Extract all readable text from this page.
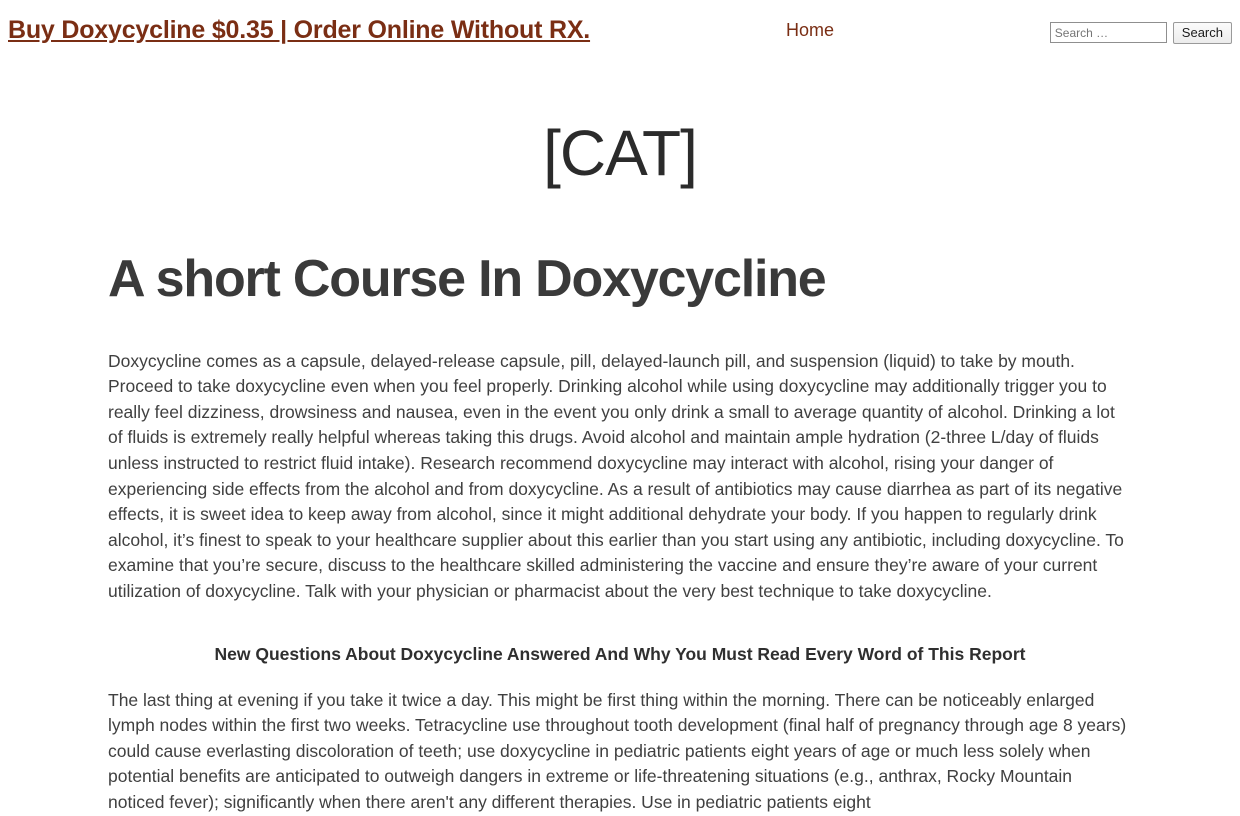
Buy Doxycycline $0.35 | Order Online Without RX.	Home
Search …	Search
[CAT]
A short Course In Doxycycline

Doxycycline comes as a capsule, delayed-release capsule, pill, delayed-launch pill, and suspension (liquid) to take by mouth. Proceed to take doxycycline even when you feel properly. Drinking alcohol while using doxycycline may additionally trigger you to really feel dizziness, drowsiness and nausea, even in the event you only drink a small to average quantity of alcohol. Drinking a lot of fluids is extremely really helpful whereas taking this drugs. Avoid alcohol and maintain ample hydration (2-three L/day of fluids unless instructed to restrict fluid intake). Research recommend doxycycline may interact with alcohol, rising your danger of experiencing side effects from the alcohol and from doxycycline. As a result of antibiotics may cause diarrhea as part of its negative effects, it is sweet idea to keep away from alcohol, since it might additional dehydrate your body. If you happen to regularly drink alcohol, it’s finest to speak to your healthcare supplier about this earlier than you start using any antibiotic, including doxycycline. To examine that you’re secure, discuss to the healthcare skilled administering the vaccine and ensure they’re aware of your current utilization of doxycycline. Talk with your physician or pharmacist about the very best technique to take doxycycline.

New Questions About Doxycycline Answered And Why You Must Read Every Word of This Report

The last thing at evening if you take it twice a day. This might be first thing within the morning. There can be noticeably enlarged lymph nodes within the first two weeks. Tetracycline use throughout tooth development (final half of pregnancy through age 8 years) could cause everlasting discoloration of teeth; use doxycycline in pediatric patients eight years of age or much less solely when potential benefits are anticipated to outweigh dangers in extreme or life-threatening situations (e.g., anthrax, Rocky Mountain noticed fever); significantly when there aren't any different therapies. Use in pediatric patients eight
